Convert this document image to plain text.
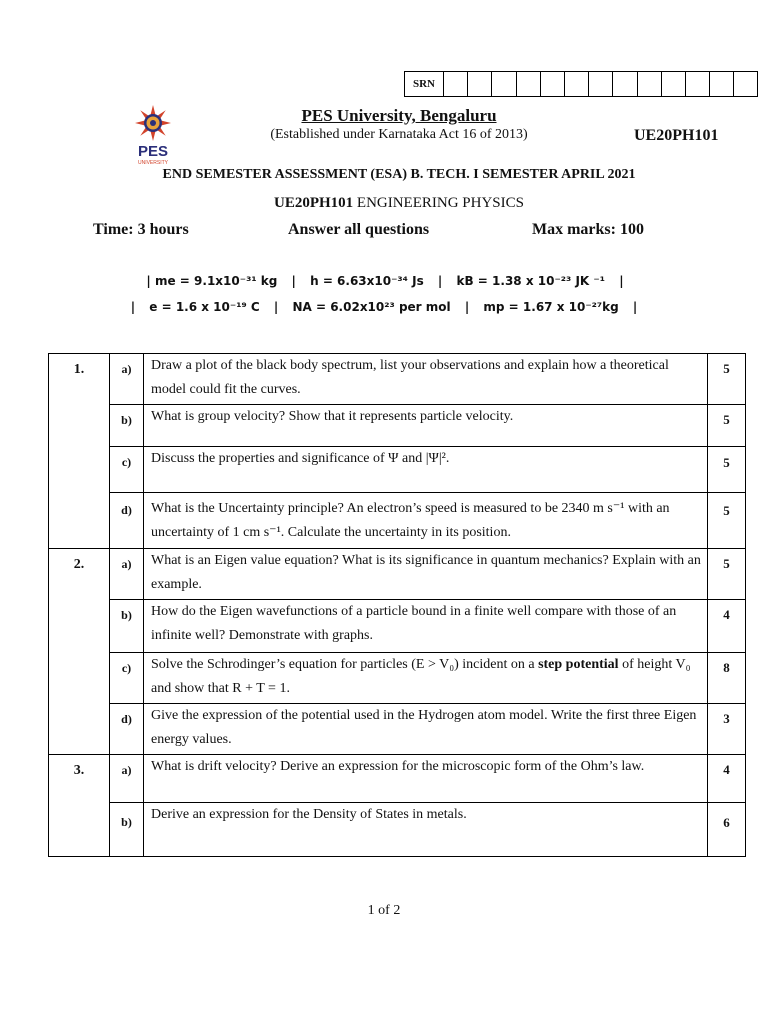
SRN
PES
UNIVERSITY
PES University, Bengaluru
(Established under Karnataka Act 16 of 2013)	UE20PH101
END SEMESTER ASSESSMENT (ESA) B. TECH. I SEMESTER APRIL 2021
UE20PH101 ENGINEERING PHYSICS
Time: 3 hours	Answer all questions	Max marks: 100
| me = 9.1x10⁻³¹ kg | h = 6.63x10⁻³⁴ Js | kB = 1.38 x 10⁻²³ JK ⁻¹ |
| e = 1.6 x 10⁻¹⁹ C | NA = 6.02x10²³ per mol | mp = 1.67 x 10⁻²⁷kg |
1.	a)	Draw a plot of the black body spectrum, list your observations and explain how a theoretical model could fit the curves.	5

	b)	What is group velocity? Show that it represents particle velocity.	5

	c)	Discuss the properties and significance of Ψ and |Ψ|².	5

	d)	What is the Uncertainty principle? An electron’s speed is measured to be 2340 m s⁻¹ with an uncertainty of 1 cm s⁻¹. Calculate the uncertainty in its position.	5

2.	a)	What is an Eigen value equation? What is its significance in quantum mechanics? Explain with an example.	5

	b)	How do the Eigen wavefunctions of a particle bound in a finite well compare with those of an infinite well? Demonstrate with graphs.	4

	c)	Solve the Schrodinger’s equation for particles (E > V₀) incident on a step potential of height V₀ and show that R + T = 1.	8

	d)	Give the expression of the potential used in the Hydrogen atom model. Write the first three Eigen energy values.	3

3.	a)	What is drift velocity? Derive an expression for the microscopic form of the Ohm’s law.	4

	b)	Derive an expression for the Density of States in metals.	6
1 of 2
